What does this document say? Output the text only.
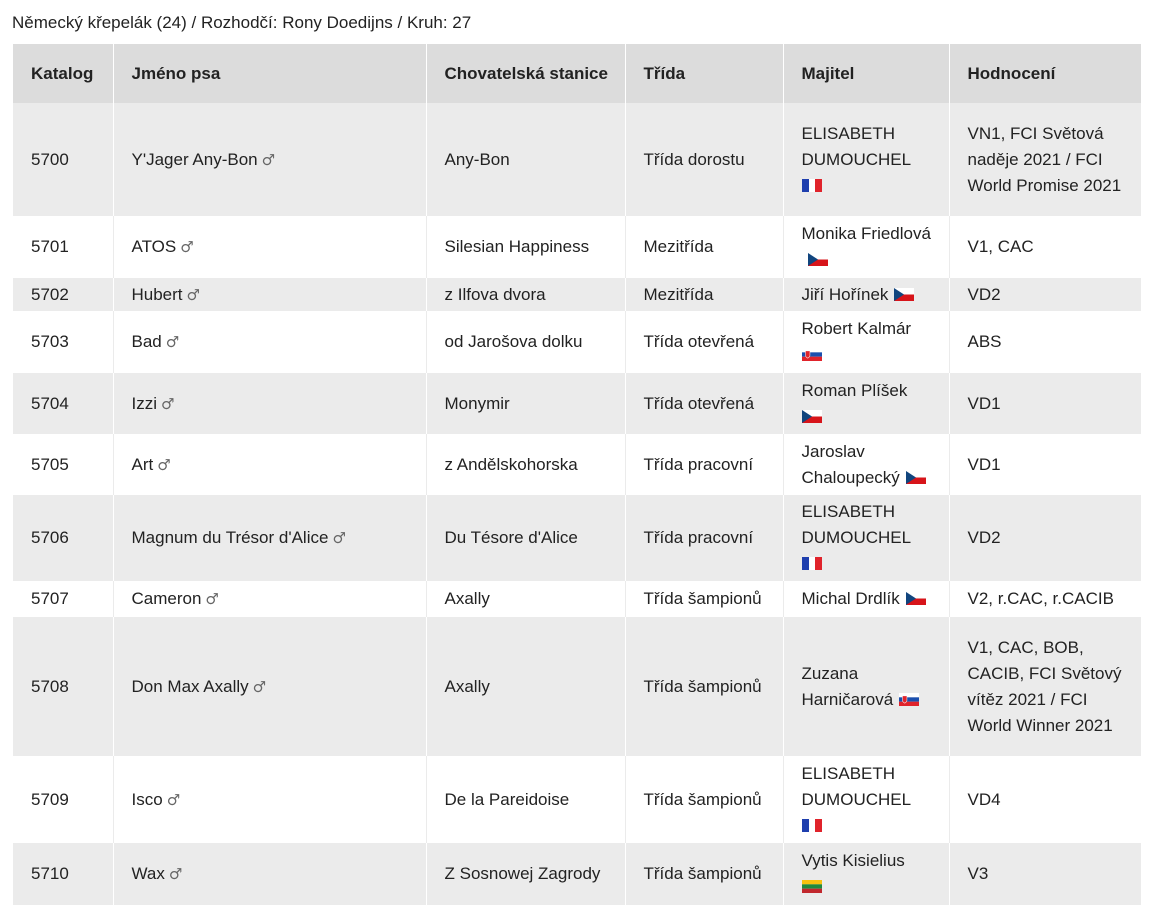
Německý křepelák (24) / Rozhodčí: Rony Doedijns / Kruh: 27
Katalog	Jméno psa	Chovatelská stanice	Třída	Majitel	Hodnocení
5700	Y'Jager Any-Bon ♂	Any-Bon	Třída dorostu	ELISABETH DUMOUCHEL	VN1, FCI Světová naděje 2021 / FCI World Promise 2021
5701	ATOS ♂	Silesian Happiness	Mezitřída	Monika Friedlová	V1, CAC
5702	Hubert ♂	z Ilfova dvora	Mezitřída	Jiří Hořínek	VD2
5703	Bad ♂	od Jarošova dolku	Třída otevřená	Robert Kalmár	ABS
5704	Izzi ♂	Monymir	Třída otevřená	Roman Plíšek	VD1
5705	Art ♂	z Andělskohorska	Třída pracovní	Jaroslav Chaloupecký	VD1
5706	Magnum du Trésor d'Alice ♂	Du Tésore d'Alice	Třída pracovní	ELISABETH DUMOUCHEL	VD2
5707	Cameron ♂	Axally	Třída šampionů	Michal Drdlík	V2, r.CAC, r.CACIB
5708	Don Max Axally ♂	Axally	Třída šampionů	Zuzana Harničarová	V1, CAC, BOB, CACIB, FCI Světový vítěz 2021 / FCI World Winner 2021
5709	Isco ♂	De la Pareidoise	Třída šampionů	ELISABETH DUMOUCHEL	VD4
5710	Wax ♂	Z Sosnowej Zagrody	Třída šampionů	Vytis Kisielius	V3
